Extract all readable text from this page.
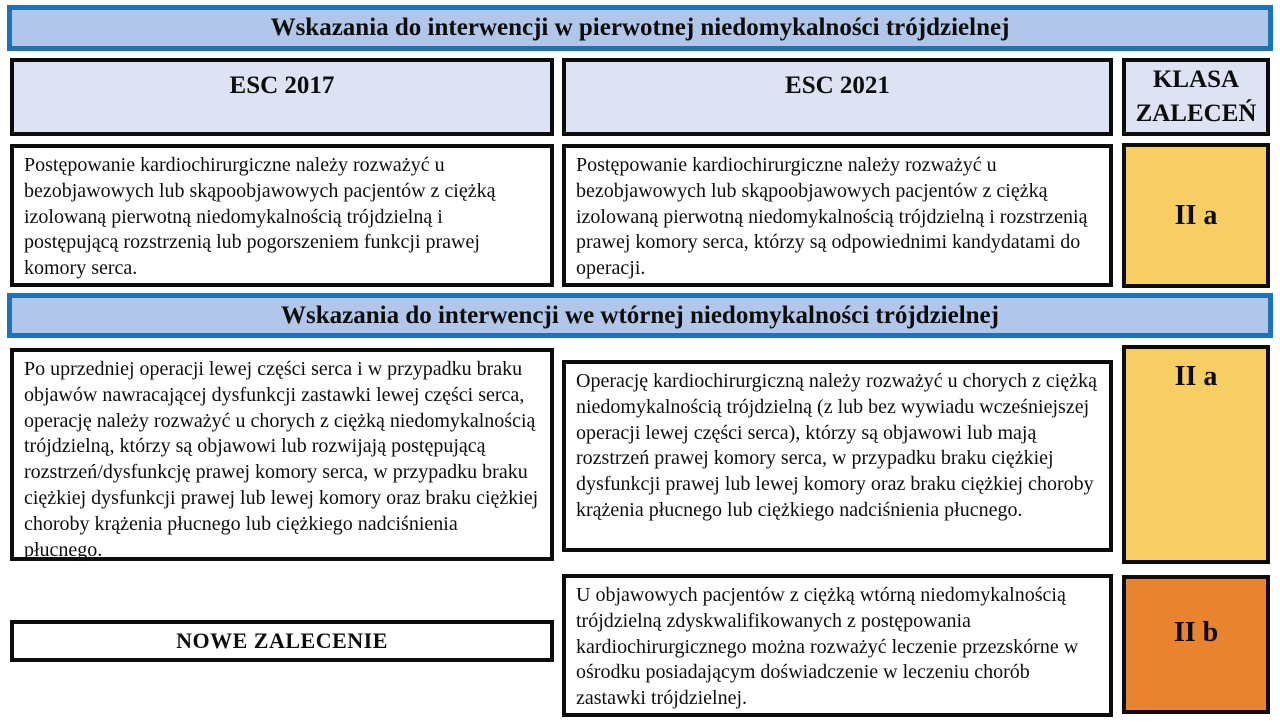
Wskazania do interwencji w pierwotnej niedomykalności trójdzielnej
ESC 2017	ESC 2021	KLASA ZALECEŃ
Postępowanie kardiochirurgiczne należy rozważyć u bezobjawowych lub skąpoobjawowych pacjentów z ciężką izolowaną pierwotną niedomykalnością trójdzielną i postępującą rozstrzenią lub pogorszeniem funkcji prawej komory serca.
Postępowanie kardiochirurgiczne należy rozważyć u bezobjawowych lub skąpoobjawowych pacjentów z ciężką izolowaną pierwotną niedomykalnością trójdzielną i rozstrzenią prawej komory serca, którzy są odpowiednimi kandydatami do operacji.
II a
Wskazania do interwencji we wtórnej niedomykalności trójdzielnej
Po uprzedniej operacji lewej części serca i w przypadku braku objawów nawracającej dysfunkcji zastawki lewej części serca, operację należy rozważyć u chorych z ciężką niedomykalnością trójdzielną, którzy są objawowi lub rozwijają postępującą rozstrzeń/dysfunkcję prawej komory serca, w przypadku braku ciężkiej dysfunkcji prawej lub lewej komory oraz braku ciężkiej choroby krążenia płucnego lub ciężkiego nadciśnienia płucnego.
Operację kardiochirurgiczną należy rozważyć u chorych z ciężką niedomykalnością trójdzielną (z lub bez wywiadu wcześniejszej operacji lewej części serca), którzy są objawowi lub mają rozstrzeń prawej komory serca, w przypadku braku ciężkiej dysfunkcji prawej lub lewej komory oraz braku ciężkiej choroby krążenia płucnego lub ciężkiego nadciśnienia płucnego.
II a
NOWE ZALECENIE
U objawowych pacjentów z ciężką wtórną niedomykalnością trójdzielną zdyskwalifikowanych z postępowania kardiochirurgicznego można rozważyć leczenie przezskórne w ośrodku posiadającym doświadczenie w leczeniu chorób zastawki trójdzielnej.
II b
